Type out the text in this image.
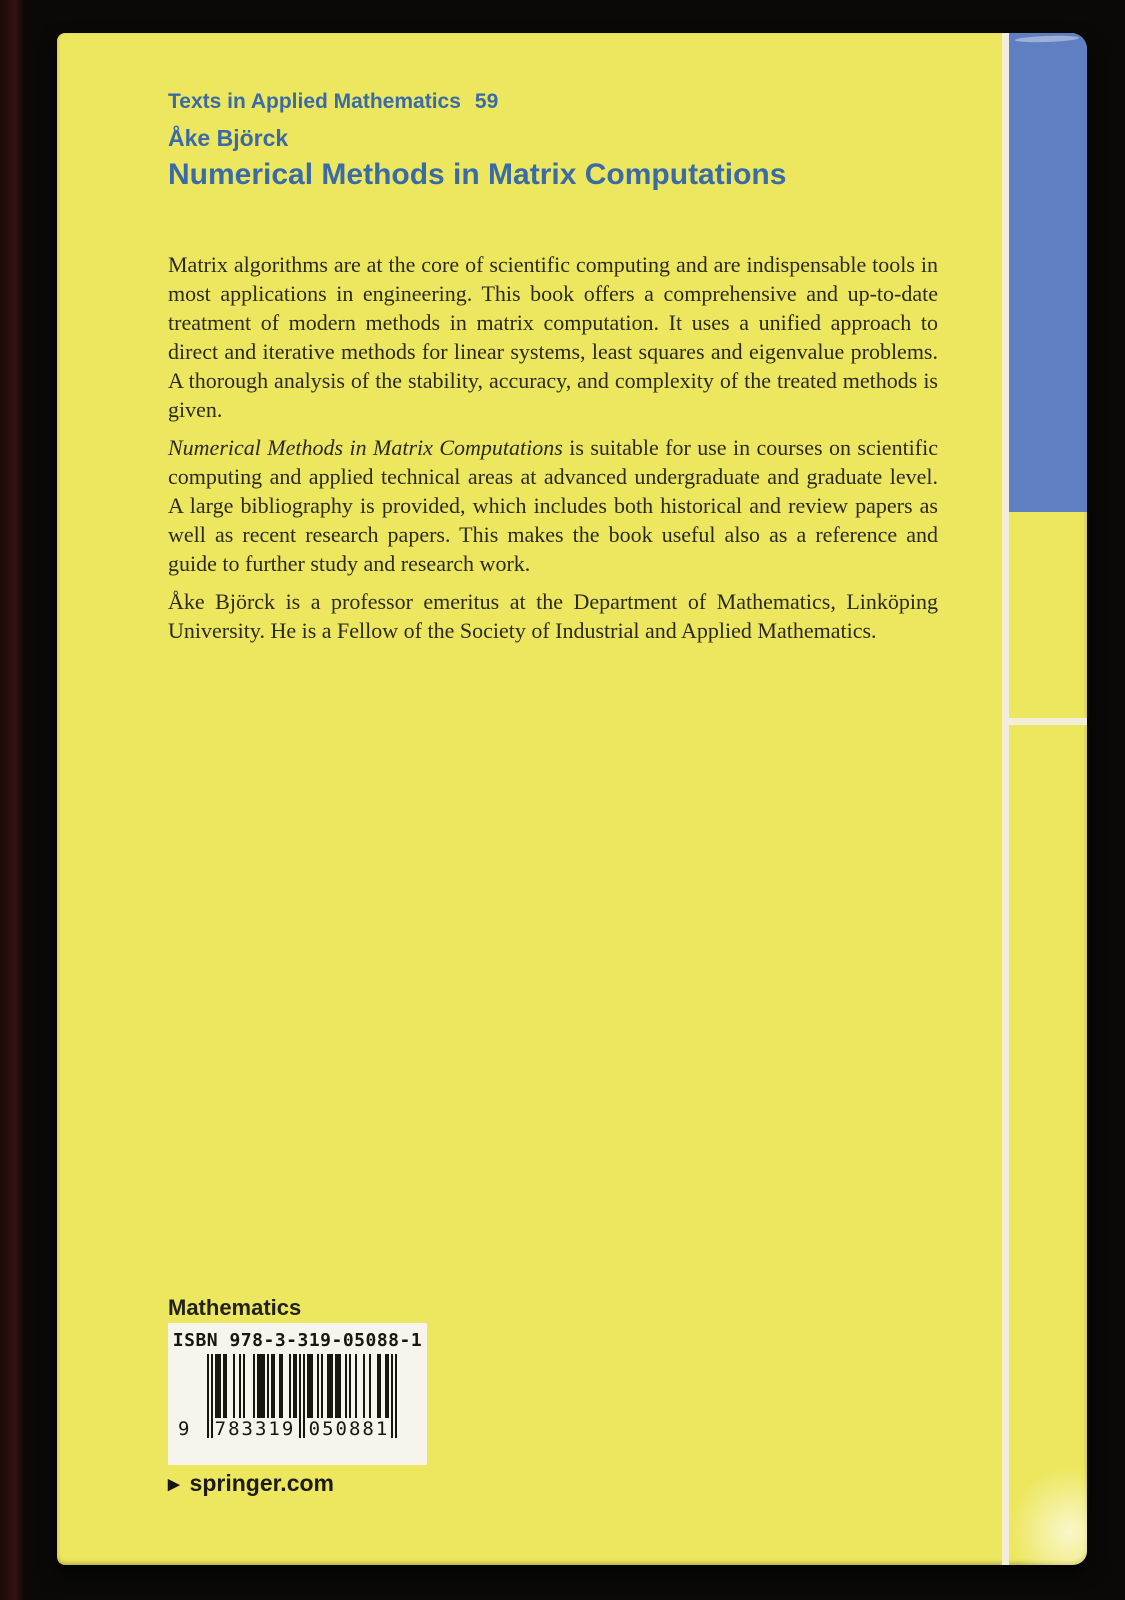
Texts in Applied Mathematics 59
Åke Björck
Numerical Methods in Matrix Computations

Matrix algorithms are at the core of scientific computing and are indispensable tools in most applications in engineering. This book offers a comprehensive and up-to-date treatment of modern methods in matrix computation. It uses a unified approach to direct and iterative methods for linear systems, least squares and eigenvalue problems. A thorough analysis of the stability, accuracy, and complexity of the treated methods is given.

Numerical Methods in Matrix Computations is suitable for use in courses on scientific computing and applied technical areas at advanced undergraduate and graduate level. A large bibliography is provided, which includes both historical and review papers as well as recent research papers. This makes the book useful also as a reference and guide to further study and research work.

Åke Björck is a professor emeritus at the Department of Mathematics, Linköping University. He is a Fellow of the Society of Industrial and Applied Mathematics.

Mathematics
ISBN 978-3-319-05088-1
9	783319 050881
▶ springer.com
